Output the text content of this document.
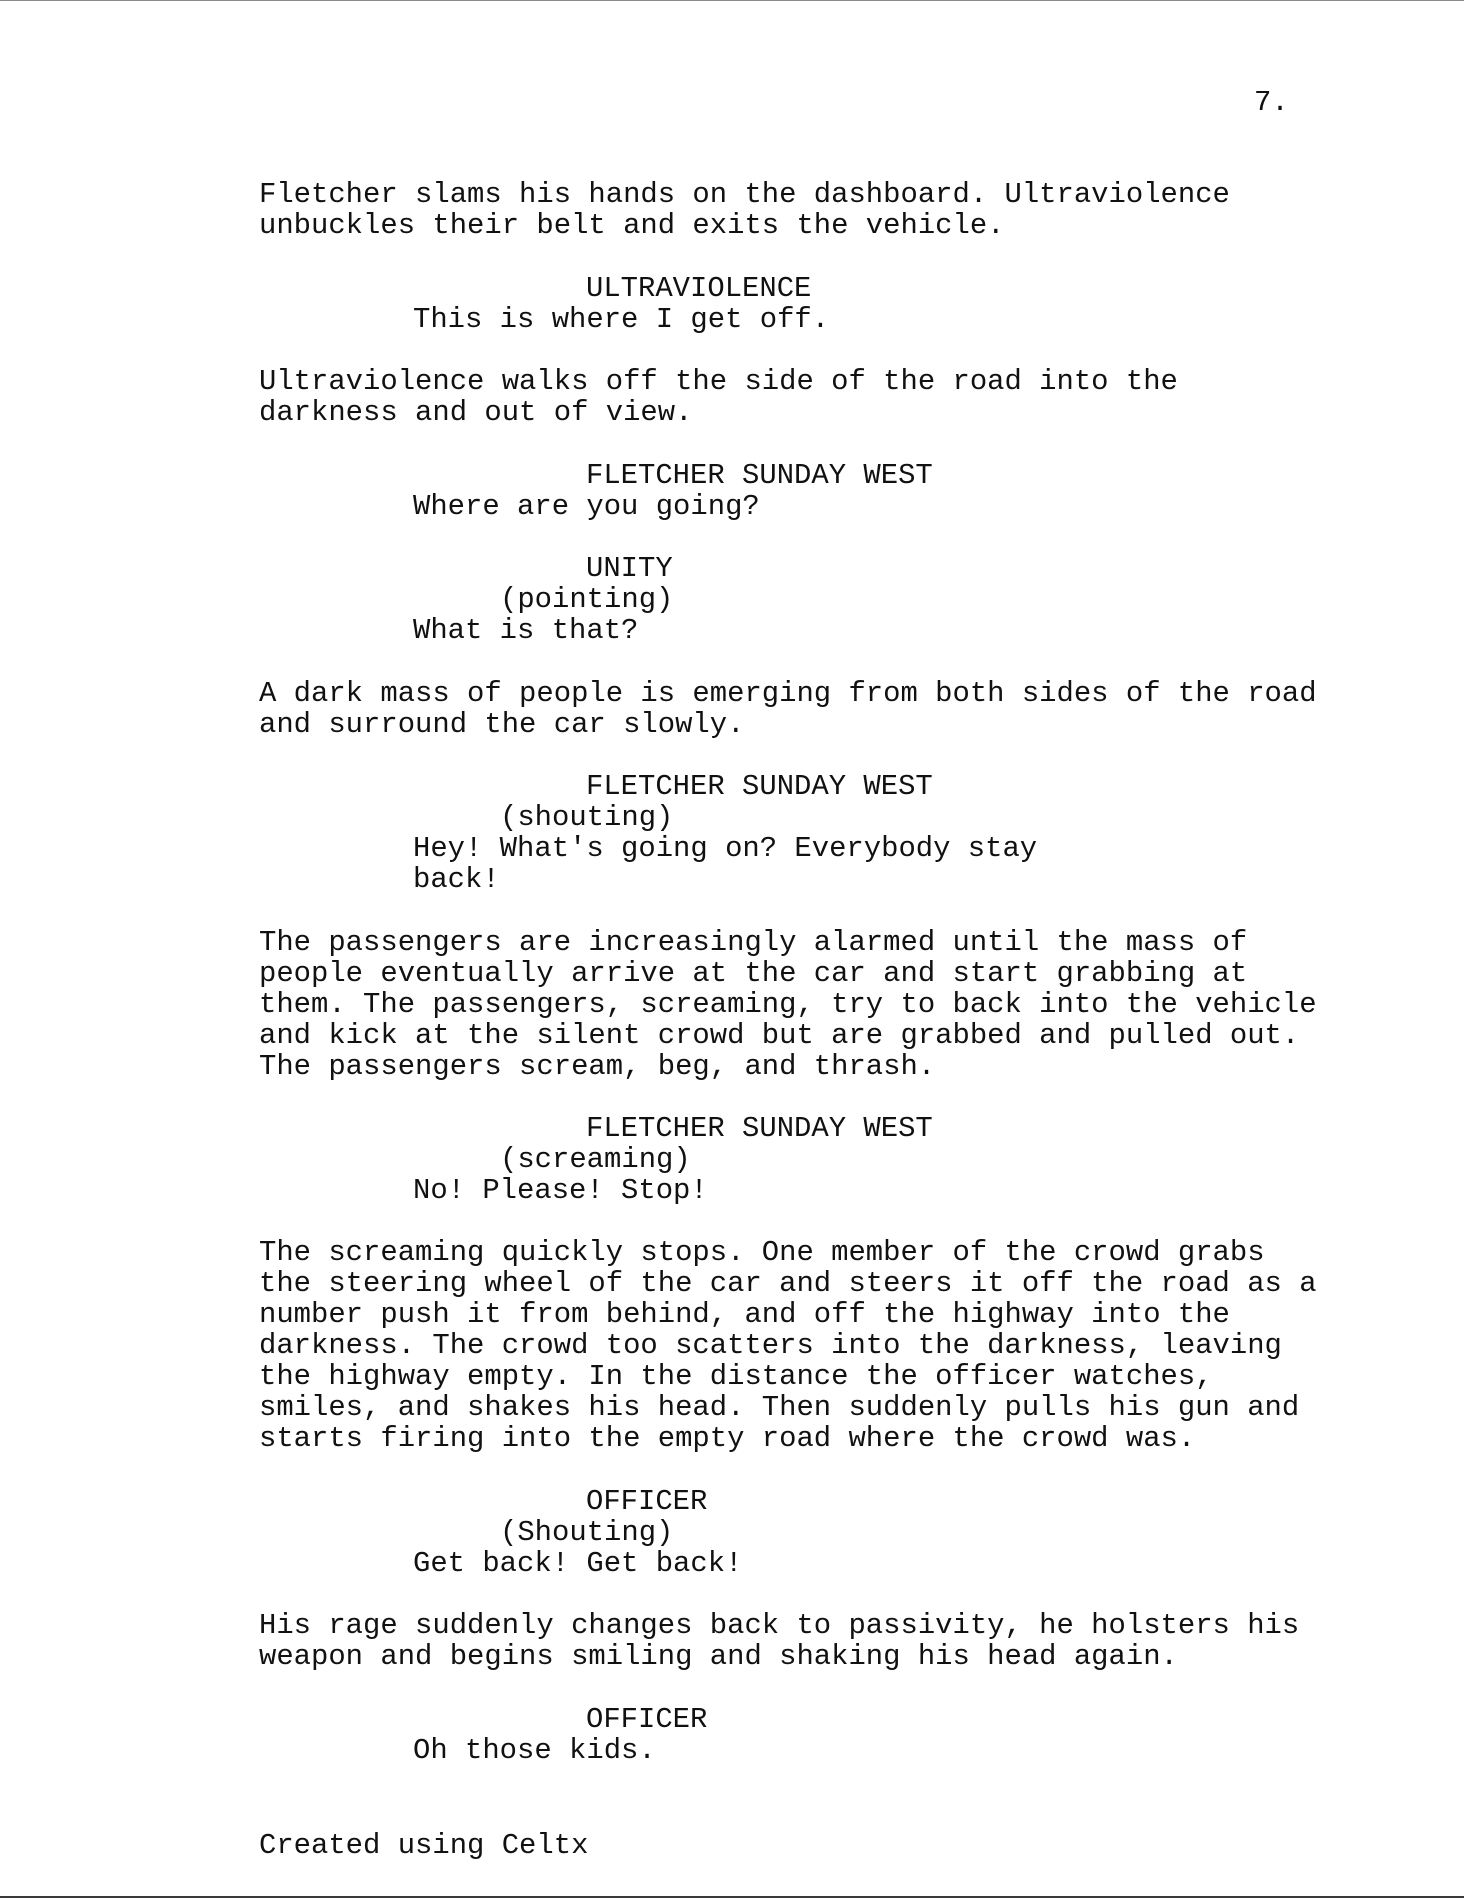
7.

Fletcher slams his hands on the dashboard. Ultraviolence

unbuckles their belt and exits the vehicle.

ULTRAVIOLENCE

This is where I get off.

Ultraviolence walks off the side of the road into the

darkness and out of view.

FLETCHER SUNDAY WEST

Where are you going?

UNITY

(pointing)

What is that?

A dark mass of people is emerging from both sides of the road

and surround the car slowly.

FLETCHER SUNDAY WEST

(shouting)

Hey! What's going on? Everybody stay

back!

The passengers are increasingly alarmed until the mass of

people eventually arrive at the car and start grabbing at

them. The passengers, screaming, try to back into the vehicle

and kick at the silent crowd but are grabbed and pulled out.

The passengers scream, beg, and thrash.

FLETCHER SUNDAY WEST

(screaming)

No! Please! Stop!

The screaming quickly stops. One member of the crowd grabs

the steering wheel of the car and steers it off the road as a

number push it from behind, and off the highway into the

darkness. The crowd too scatters into the darkness, leaving

the highway empty. In the distance the officer watches,

smiles, and shakes his head. Then suddenly pulls his gun and

starts firing into the empty road where the crowd was.

OFFICER

(Shouting)

Get back! Get back!

His rage suddenly changes back to passivity, he holsters his

weapon and begins smiling and shaking his head again.

OFFICER

Oh those kids.

Created using Celtx
